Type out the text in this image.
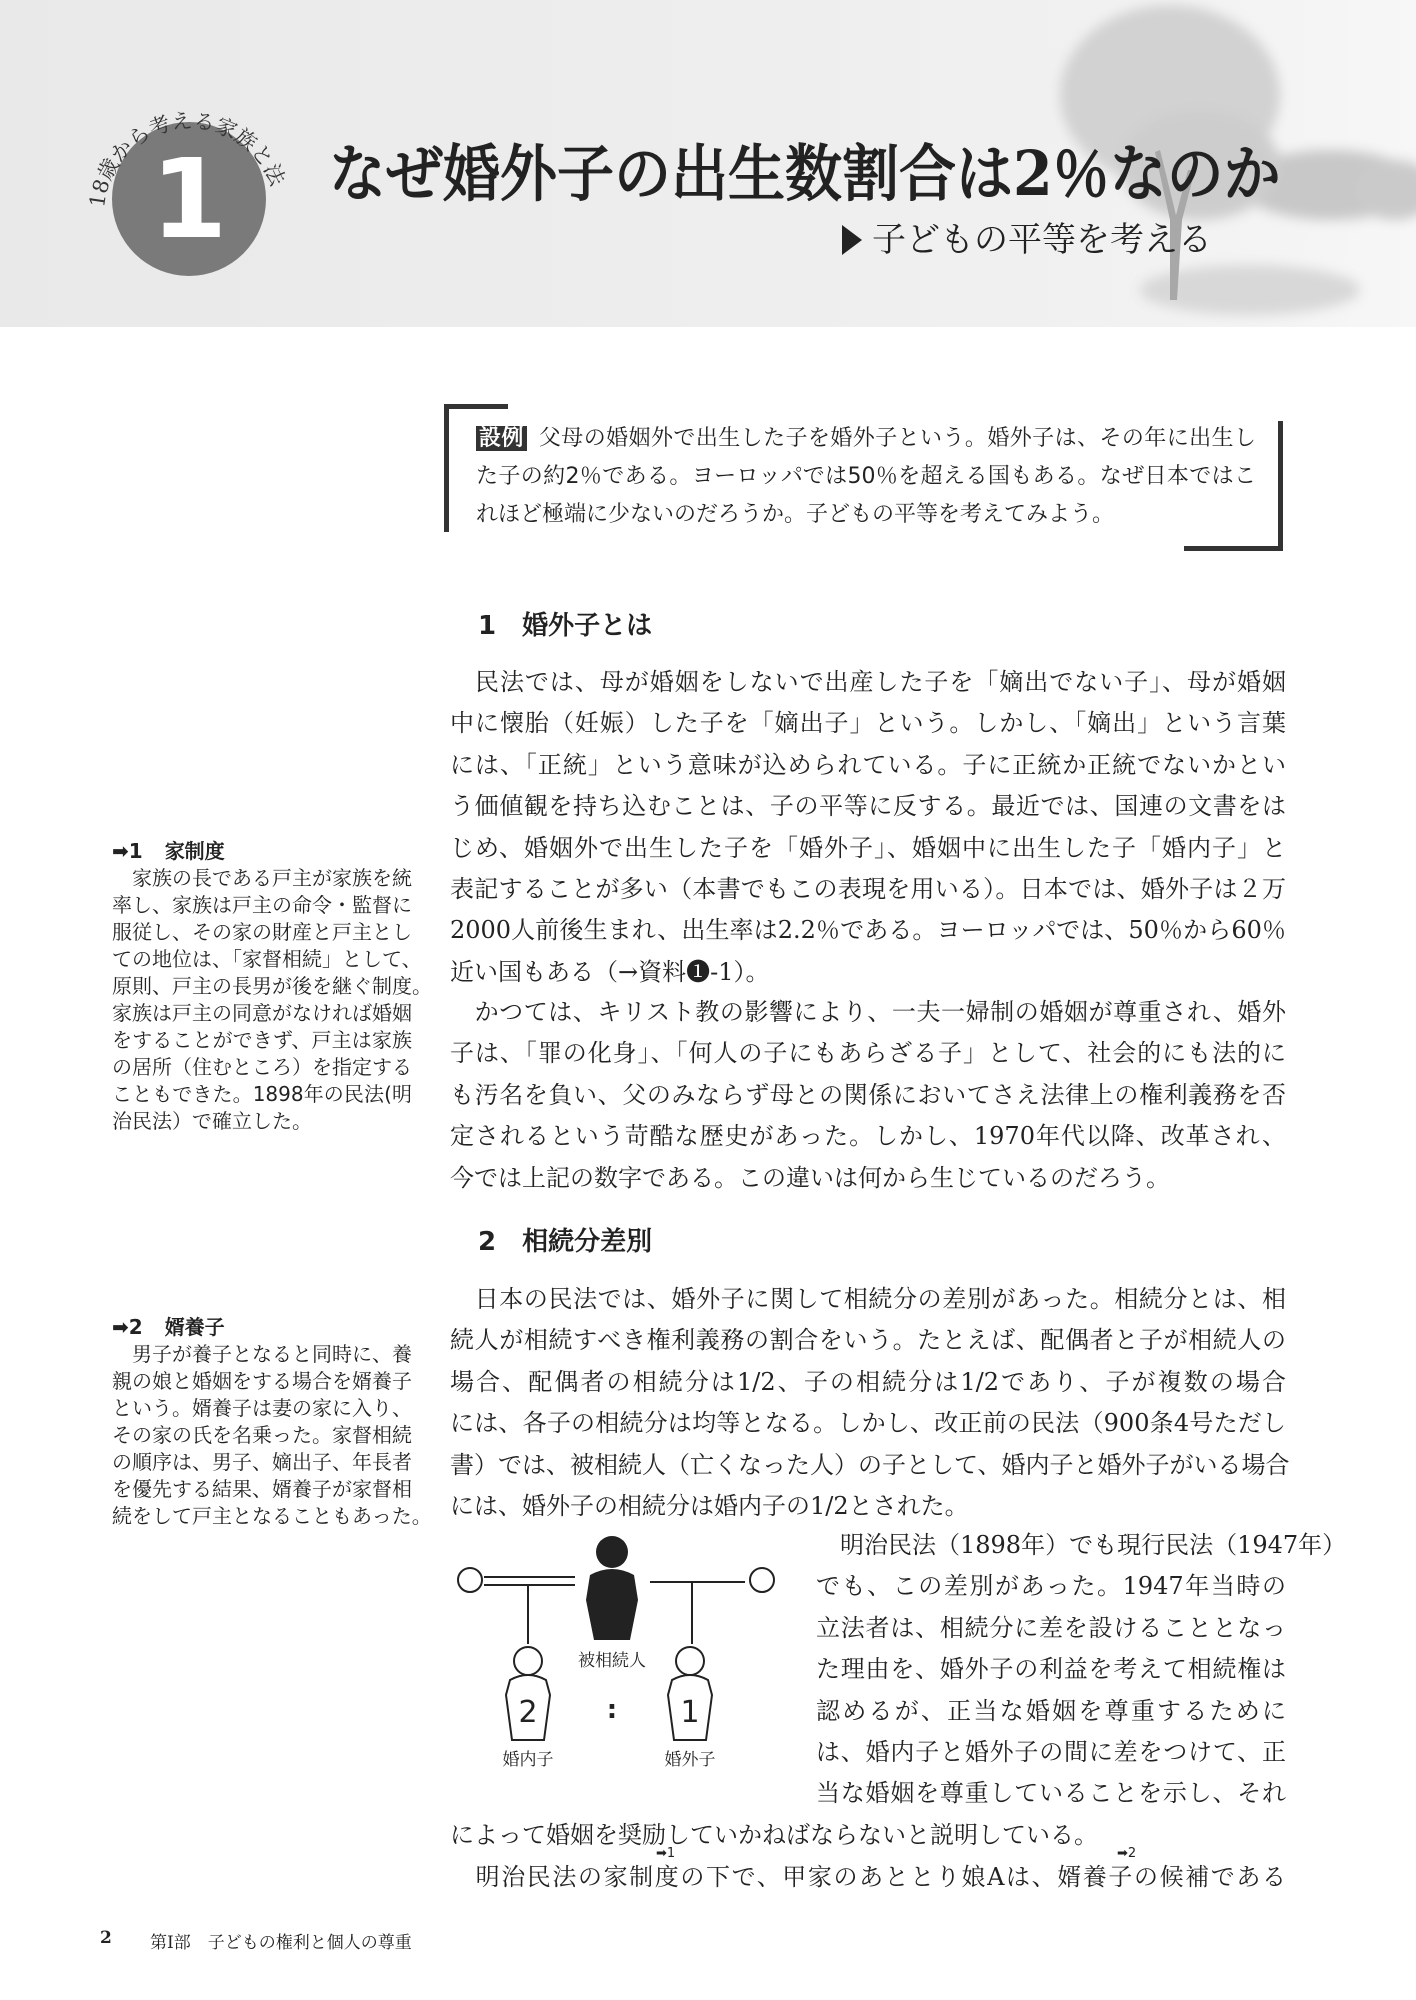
1
18歳から考える家族と法 なぜ婚外子の出生数割合は2％なのか
子どもの平等を考える
設例 父母の婚姻外で出生した子を婚外子という。婚外子は、その年に出生し
た子の約2％である。ヨーロッパでは50％を超える国もある。なぜ日本ではこ
れほど極端に少ないのだろうか。子どもの平等を考えてみよう。
1 婚外子とは
　民法では、母が婚姻をしないで出産した子を「嫡出でない子」、母が婚姻
中に懐胎（妊娠）した子を「嫡出子」という。しかし、「嫡出」という言葉
には、「正統」という意味が込められている。子に正統か正統でないかとい
う価値観を持ち込むことは、子の平等に反する。最近では、国連の文書をは
じめ、婚姻外で出生した子を「婚外子」、婚姻中に出生した子「婚内子」と
表記することが多い（本書でもこの表現を用いる）。日本では、婚外子は２万
2000人前後生まれ、出生率は2.2％である。ヨーロッパでは、50％から60％
近い国もある（→資料❶-1）。
　かつては、キリスト教の影響により、一夫一婦制の婚姻が尊重され、婚外
子は、「罪の化身」、「何人の子にもあらざる子」として、社会的にも法的に
も汚名を負い、父のみならず母との関係においてさえ法律上の権利義務を否
定されるという苛酷な歴史があった。しかし、1970年代以降、改革され、
今では上記の数字である。この違いは何から生じているのだろう。
2 相続分差別
　日本の民法では、婚外子に関して相続分の差別があった。相続分とは、相
続人が相続すべき権利義務の割合をいう。たとえば、配偶者と子が相続人の
場合、配偶者の相続分は1/2、子の相続分は1/2であり、子が複数の場合
には、各子の相続分は均等となる。しかし、改正前の民法（900条4号ただし
書）では、被相続人（亡くなった人）の子として、婚内子と婚外子がいる場合
には、婚外子の相続分は婚内子の1/2とされた。
　明治民法（1898年）でも現行民法（1947年）
でも、この差別があった。1947年当時の
立法者は、相続分に差を設けることとなっ
た理由を、婚外子の利益を考えて相続権は
認めるが、正当な婚姻を尊重するために
は、婚内子と婚外子の間に差をつけて、正
当な婚姻を尊重していることを示し、それ
によって婚姻を奨励していかねばならないと説明している。
　明治民法の家制度の下で、甲家のあととり娘Aは、婿養子の候補である
➡1	➡2
被相続人
2	1
:
婚内子	婚外子
➡1 家制度
　家族の長である戸主が家族を統
率し、家族は戸主の命令・監督に
服従し、その家の財産と戸主とし
ての地位は、「家督相続」として、
原則、戸主の長男が後を継ぐ制度。
家族は戸主の同意がなければ婚姻
をすることができず、戸主は家族
の居所（住むところ）を指定する
こともできた。1898年の民法(明
治民法）で確立した。
➡2 婿養子
　男子が養子となると同時に、養
親の娘と婚姻をする場合を婿養子
という。婿養子は妻の家に入り、
その家の氏を名乗った。家督相続
の順序は、男子、嫡出子、年長者
を優先する結果、婿養子が家督相
続をして戸主となることもあった。
2 第Ⅰ部　子どもの権利と個人の尊重
